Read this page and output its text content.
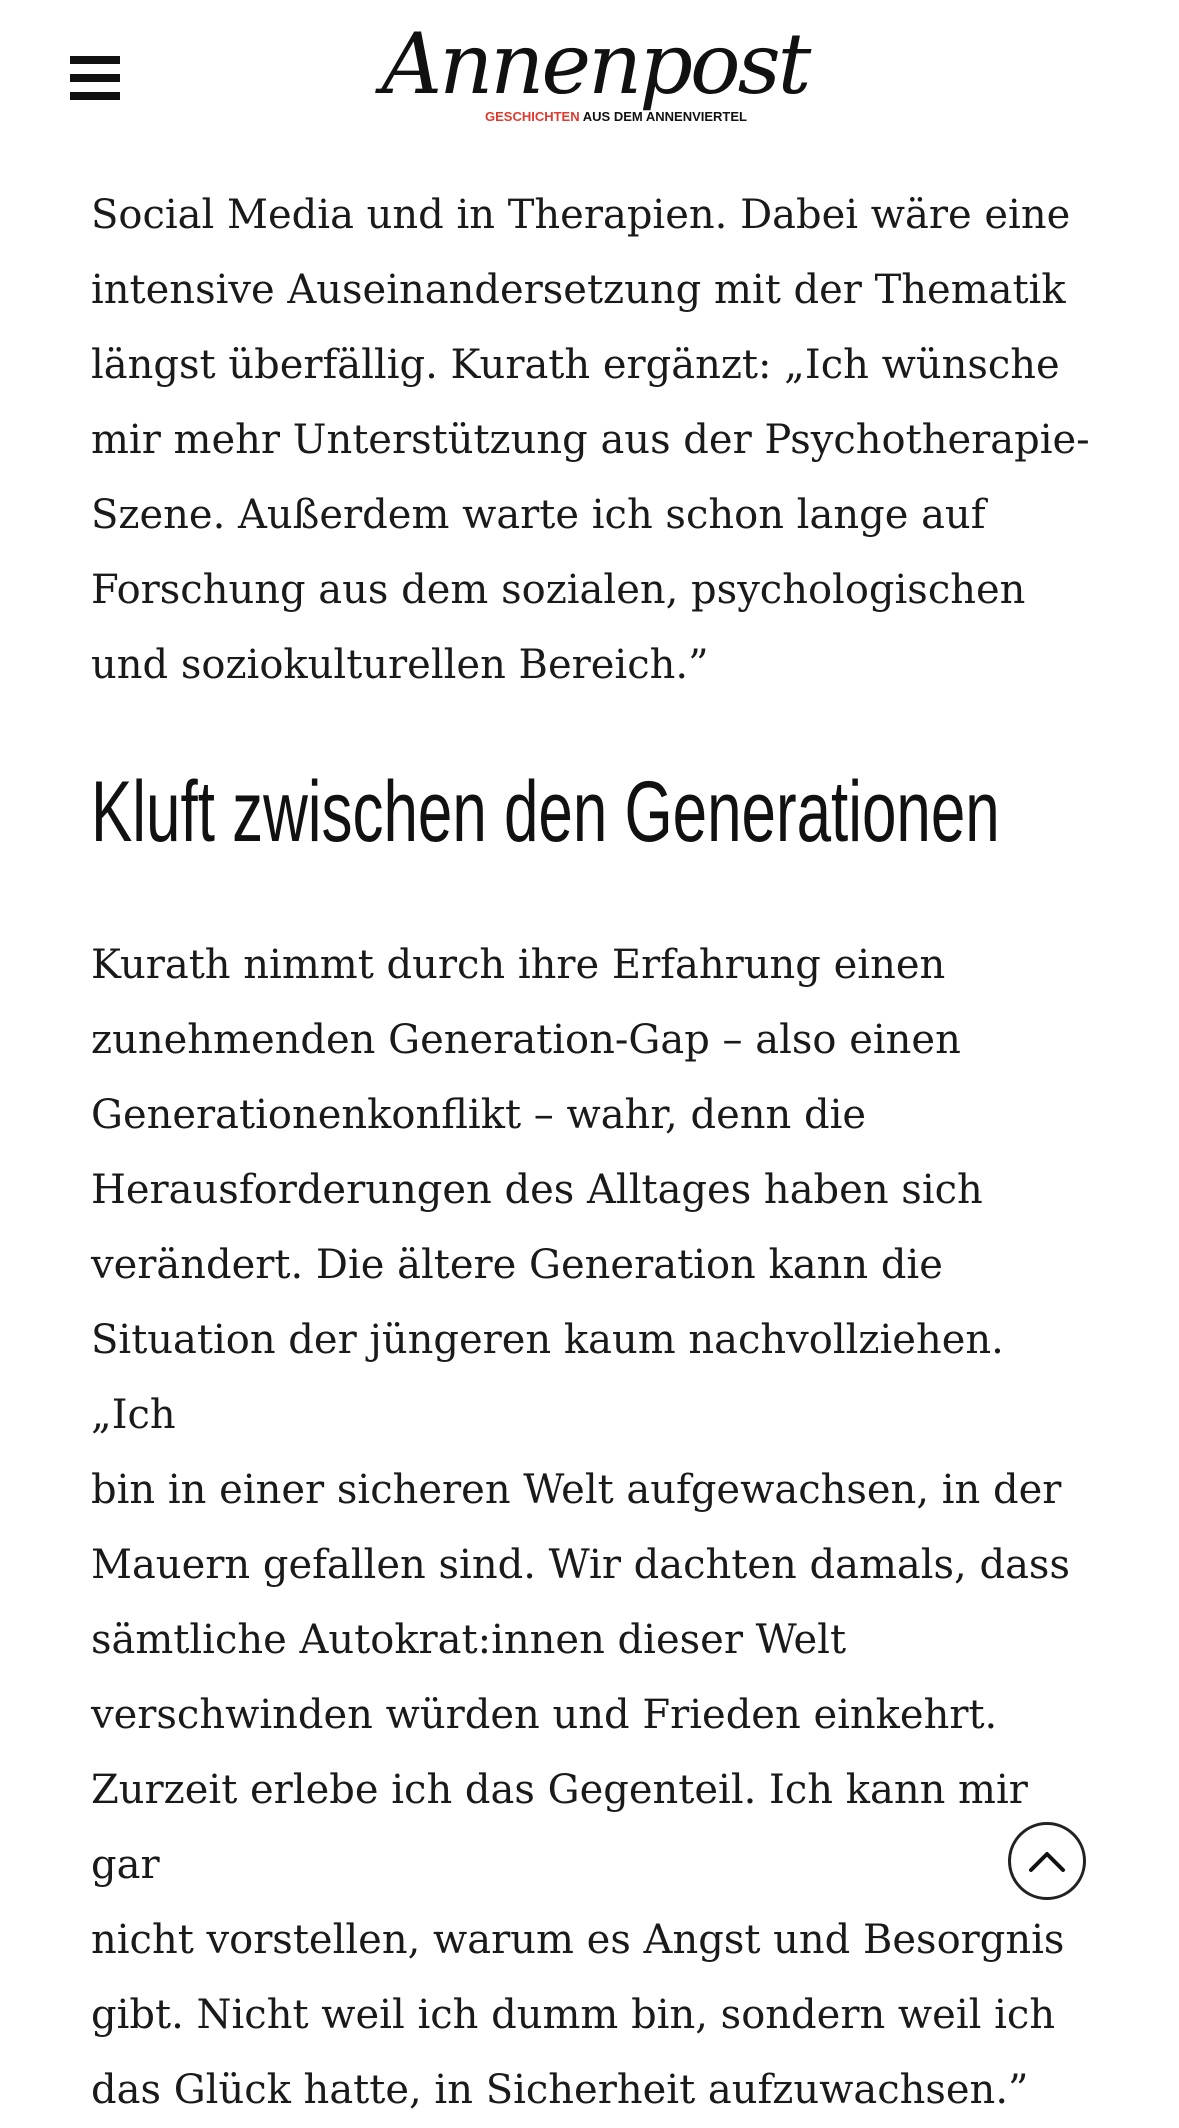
Annenpost
GESCHICHTEN AUS DEM ANNENVIERTEL

Social Media und in Therapien. Dabei wäre eine
intensive Auseinandersetzung mit der Thematik
längst überfällig. Kurath ergänzt: „Ich wünsche
mir mehr Unterstützung aus der Psychotherapie-
Szene. Außerdem warte ich schon lange auf
Forschung aus dem sozialen, psychologischen
und soziokulturellen Bereich.”

Kluft zwischen den Generationen

Kurath nimmt durch ihre Erfahrung einen
zunehmenden Generation-Gap – also einen
Generationenkonflikt – wahr, denn die
Herausforderungen des Alltages haben sich
verändert. Die ältere Generation kann die
Situation der jüngeren kaum nachvollziehen. „Ich
bin in einer sicheren Welt aufgewachsen, in der
Mauern gefallen sind. Wir dachten damals, dass
sämtliche Autokrat:innen dieser Welt
verschwinden würden und Frieden einkehrt.
Zurzeit erlebe ich das Gegenteil. Ich kann mir gar
nicht vorstellen, warum es Angst und Besorgnis
gibt. Nicht weil ich dumm bin, sondern weil ich
das Glück hatte, in Sicherheit aufzuwachsen.”
